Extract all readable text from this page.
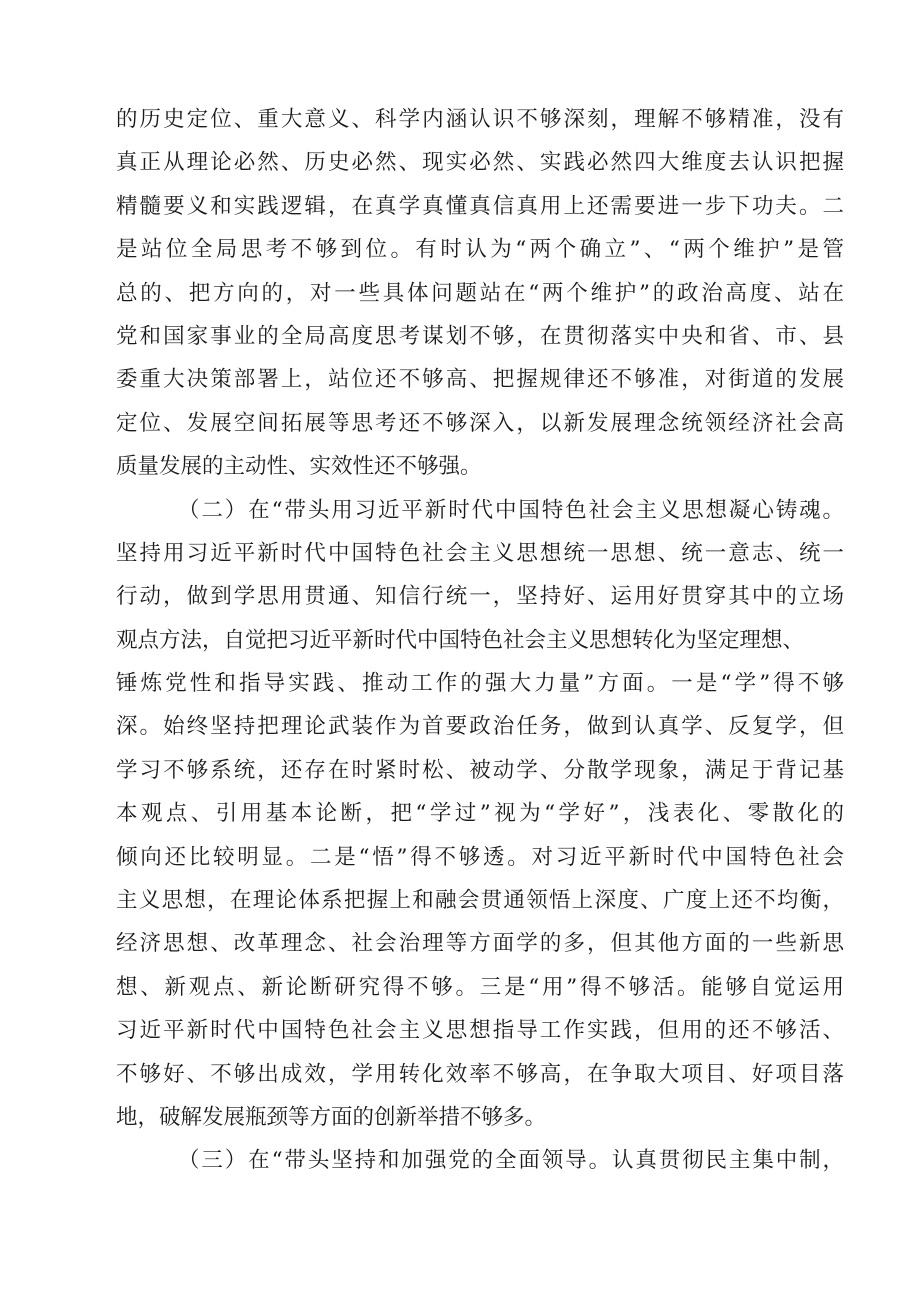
的历史定位、重大意义、科学内涵认识不够深刻，理解不够精准，没有
真正从理论必然、历史必然、现实必然、实践必然四大维度去认识把握
精髓要义和实践逻辑，在真学真懂真信真用上还需要进一步下功夫。二
是站位全局思考不够到位。有时认为“两个确立”、“两个维护”是管
总的、把方向的，对一些具体问题站在“两个维护”的政治高度、站在
党和国家事业的全局高度思考谋划不够，在贯彻落实中央和省、市、县
委重大决策部署上，站位还不够高、把握规律还不够准，对街道的发展
定位、发展空间拓展等思考还不够深入，以新发展理念统领经济社会高
质量发展的主动性、实效性还不够强。
（二）在“带头用习近平新时代中国特色社会主义思想凝心铸魂。
坚持用习近平新时代中国特色社会主义思想统一思想、统一意志、统一
行动，做到学思用贯通、知信行统一，坚持好、运用好贯穿其中的立场
观点方法，自觉把习近平新时代中国特色社会主义思想转化为坚定理想、
锤炼党性和指导实践、推动工作的强大力量”方面。一是“学”得不够
深。始终坚持把理论武装作为首要政治任务，做到认真学、反复学，但
学习不够系统，还存在时紧时松、被动学、分散学现象，满足于背记基
本观点、引用基本论断，把“学过”视为“学好”，浅表化、零散化的
倾向还比较明显。二是“悟”得不够透。对习近平新时代中国特色社会
主义思想，在理论体系把握上和融会贯通领悟上深度、广度上还不均衡，
经济思想、改革理念、社会治理等方面学的多，但其他方面的一些新思
想、新观点、新论断研究得不够。三是“用”得不够活。能够自觉运用
习近平新时代中国特色社会主义思想指导工作实践，但用的还不够活、
不够好、不够出成效，学用转化效率不够高，在争取大项目、好项目落
地，破解发展瓶颈等方面的创新举措不够多。
（三）在“带头坚持和加强党的全面领导。认真贯彻民主集中制，
